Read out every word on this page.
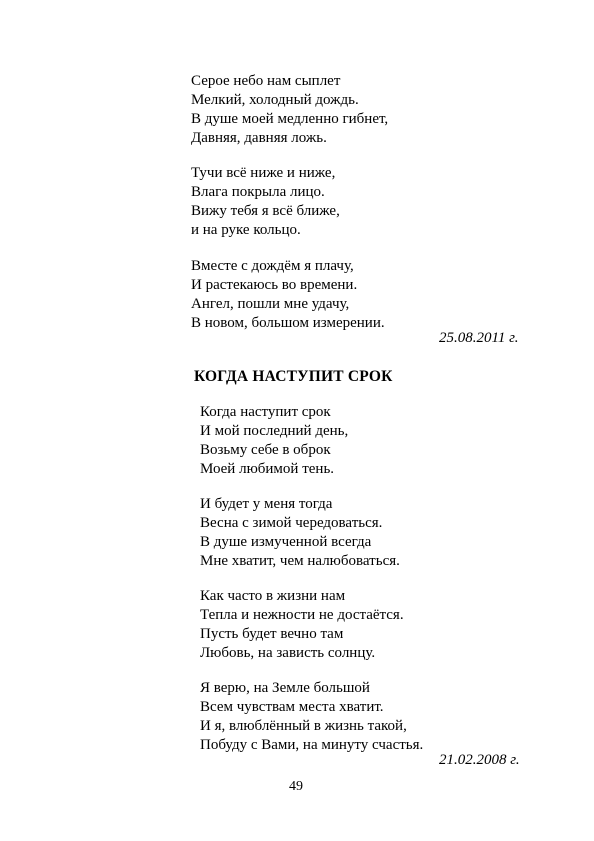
Серое небо нам сыплет
Мелкий, холодный дождь.
В душе моей медленно гибнет,
Давняя, давняя ложь.
Тучи всё ниже и ниже,
Влага покрыла лицо.
Вижу тебя я всё ближе,
и на руке кольцо.
Вместе с дождём я плачу,
И растекаюсь во времени.
Ангел, пошли мне удачу,
В новом, большом измерении.
25.08.2011 г.
КОГДА НАСТУПИТ СРОК
Когда наступит срок
И мой последний день,
Возьму себе в оброк
Моей любимой тень.
И будет у меня тогда
Весна с зимой чередоваться.
В душе измученной всегда
Мне хватит, чем налюбоваться.
Как часто в жизни нам
Тепла и нежности не достаётся.
Пусть будет вечно там
Любовь, на зависть солнцу.
Я верю, на Земле большой
Всем чувствам места хватит.
И я, влюблённый в жизнь такой,
Побуду с Вами, на минуту счастья.
21.02.2008 г.
49
